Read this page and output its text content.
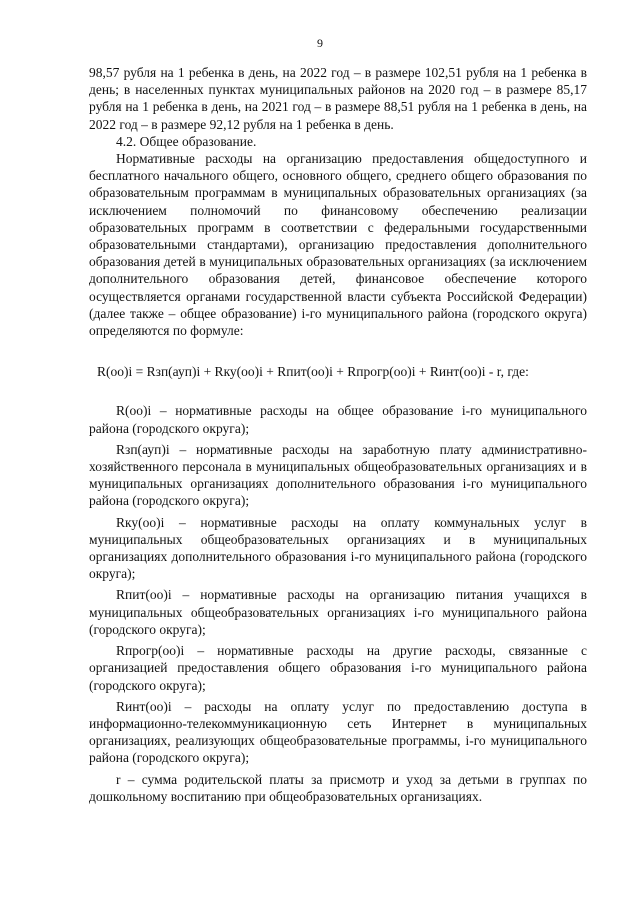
9

98,57 рубля на 1 ребенка в день, на 2022 год – в размере 102,51 рубля на 1 ребенка в день; в населенных пунктах муниципальных районов на 2020 год – в размере 85,17 рубля на 1 ребенка в день, на 2021 год – в размере 88,51 рубля на 1 ребенка в день, на 2022 год – в размере 92,12 рубля на 1 ребенка в день.

4.2. Общее образование.

Нормативные расходы на организацию предоставления общедоступного и бесплатного начального общего, основного общего, среднего общего образования по образовательным программам в муниципальных образовательных организациях (за исключением полномочий по финансовому обеспечению реализации образовательных программ в соответствии с федеральными государственными образовательными стандартами), организацию предоставления дополнительного образования детей в муниципальных образовательных организациях (за исключением дополнительного образования детей, финансовое обеспечение которого осуществляется органами государственной власти субъекта Российской Федерации) (далее также – общее образование) i-го муниципального района (городского округа) определяются по формуле:

R(оо)i = Rзп(ауп)i + Rку(оо)i + Rпит(оо)i + Rпрогр(оо)i + Rинт(оо)i - r, где:

R(оо)i – нормативные расходы на общее образование i-го муниципального района (городского округа);

Rзп(ауп)i – нормативные расходы на заработную плату административно-хозяйственного персонала в муниципальных общеобразовательных организациях и в муниципальных организациях дополнительного образования i-го муниципального района (городского округа);

Rку(оо)i – нормативные расходы на оплату коммунальных услуг в муниципальных общеобразовательных организациях и в муниципальных организациях дополнительного образования i-го муниципального района (городского округа);

Rпит(оо)i – нормативные расходы на организацию питания учащихся в муниципальных общеобразовательных организациях i-го муниципального района (городского округа);

Rпрогр(оо)i – нормативные расходы на другие расходы, связанные с организацией предоставления общего образования i-го муниципального района (городского округа);

Rинт(оо)i – расходы на оплату услуг по предоставлению доступа в информационно-телекоммуникационную сеть Интернет в муниципальных организациях, реализующих общеобразовательные программы, i-го муниципального района (городского округа);

r – сумма родительской платы за присмотр и уход за детьми в группах по дошкольному воспитанию при общеобразовательных организациях.
